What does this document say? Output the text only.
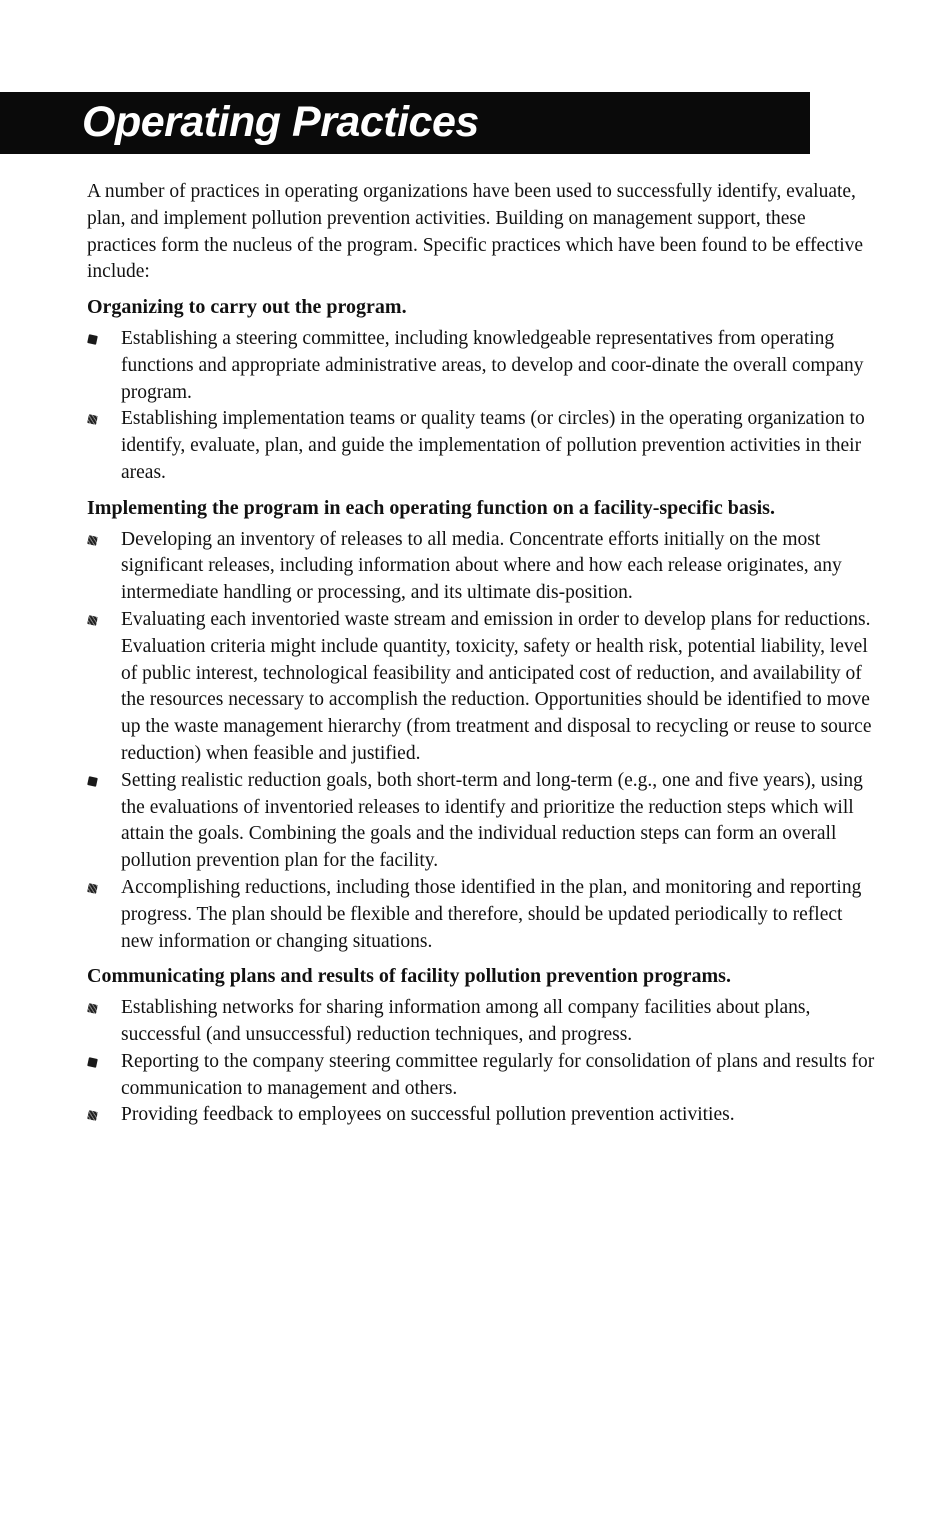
Operating Practices

A number of practices in operating organizations have been used to successfully identify, evaluate, plan, and implement pollution prevention activities. Building on management support, these practices form the nucleus of the program. Specific practices which have been found to be effective include:

Organizing to carry out the program.
Establishing a steering committee, including knowledgeable representatives from operating functions and appropriate administrative areas, to develop and coor-dinate the overall company program.
Establishing implementation teams or quality teams (or circles) in the operating organization to identify, evaluate, plan, and guide the implementation of pollution prevention activities in their areas.
Implementing the program in each operating function on a facility-specific basis.
Developing an inventory of releases to all media. Concentrate efforts initially on the most significant releases, including information about where and how each release originates, any intermediate handling or processing, and its ultimate dis-position.
Evaluating each inventoried waste stream and emission in order to develop plans for reductions. Evaluation criteria might include quantity, toxicity, safety or health risk, potential liability, level of public interest, technological feasibility and anticipated cost of reduction, and availability of the resources necessary to accomplish the reduction. Opportunities should be identified to move up the waste management hierarchy (from treatment and disposal to recycling or reuse to source reduction) when feasible and justified.
Setting realistic reduction goals, both short-term and long-term (e.g., one and five years), using the evaluations of inventoried releases to identify and prioritize the reduction steps which will attain the goals. Combining the goals and the individual reduction steps can form an overall pollution prevention plan for the facility.
Accomplishing reductions, including those identified in the plan, and monitoring and reporting progress. The plan should be flexible and therefore, should be updated periodically to reflect new information or changing situations.
Communicating plans and results of facility pollution prevention programs.
Establishing networks for sharing information among all company facilities about plans, successful (and unsuccessful) reduction techniques, and progress.
Reporting to the company steering committee regularly for consolidation of plans and results for communication to management and others.
Providing feedback to employees on successful pollution prevention activities.
